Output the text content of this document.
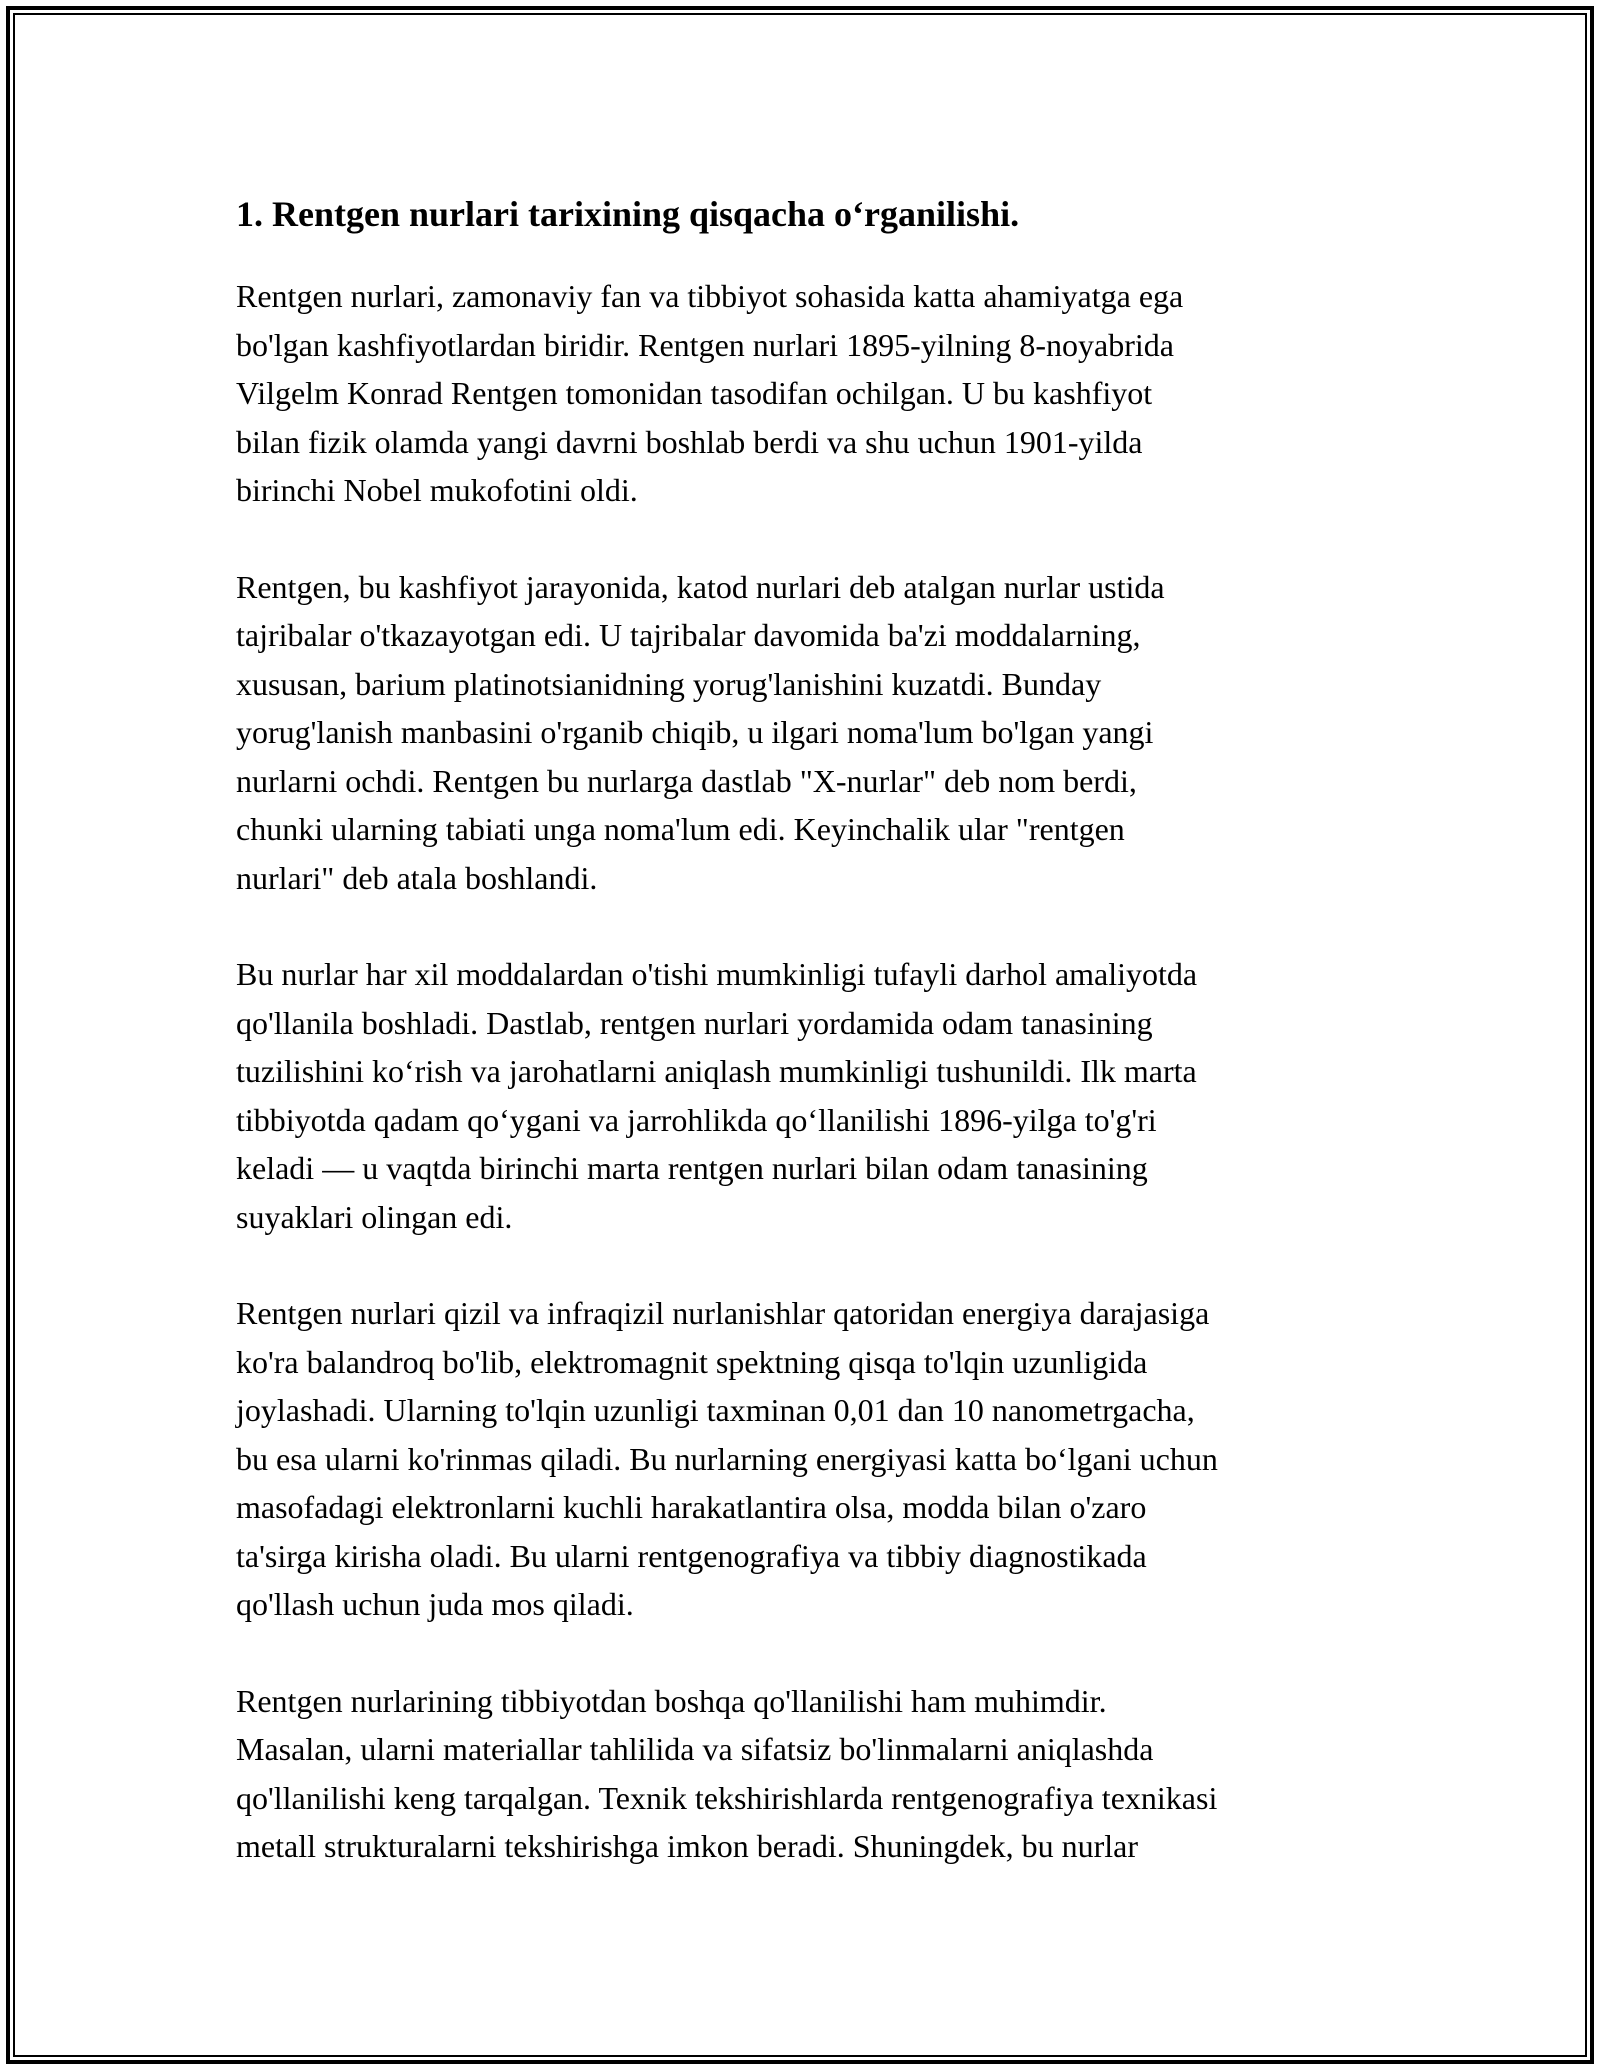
1. Rentgen nurlari tarixining qisqacha o‘rganilishi.

Rentgen nurlari, zamonaviy fan va tibbiyot sohasida katta ahamiyatga ega
bo'lgan kashfiyotlardan biridir. Rentgen nurlari 1895-yilning 8-noyabrida
Vilgelm Konrad Rentgen tomonidan tasodifan ochilgan. U bu kashfiyot
bilan fizik olamda yangi davrni boshlab berdi va shu uchun 1901-yilda
birinchi Nobel mukofotini oldi.

Rentgen, bu kashfiyot jarayonida, katod nurlari deb atalgan nurlar ustida
tajribalar o'tkazayotgan edi. U tajribalar davomida ba'zi moddalarning,
xususan, barium platinotsianidning yorug'lanishini kuzatdi. Bunday
yorug'lanish manbasini o'rganib chiqib, u ilgari noma'lum bo'lgan yangi
nurlarni ochdi. Rentgen bu nurlarga dastlab "X-nurlar" deb nom berdi,
chunki ularning tabiati unga noma'lum edi. Keyinchalik ular "rentgen
nurlari" deb atala boshlandi.

Bu nurlar har xil moddalardan o'tishi mumkinligi tufayli darhol amaliyotda
qo'llanila boshladi. Dastlab, rentgen nurlari yordamida odam tanasining
tuzilishini ko‘rish va jarohatlarni aniqlash mumkinligi tushunildi. Ilk marta
tibbiyotda qadam qo‘ygani va jarrohlikda qo‘llanilishi 1896-yilga to'g'ri
keladi — u vaqtda birinchi marta rentgen nurlari bilan odam tanasining
suyaklari olingan edi.

Rentgen nurlari qizil va infraqizil nurlanishlar qatoridan energiya darajasiga
ko'ra balandroq bo'lib, elektromagnit spektning qisqa to'lqin uzunligida
joylashadi. Ularning to'lqin uzunligi taxminan 0,01 dan 10 nanometrgacha,
bu esa ularni ko'rinmas qiladi. Bu nurlarning energiyasi katta bo‘lgani uchun
masofadagi elektronlarni kuchli harakatlantira olsa, modda bilan o'zaro
ta'sirga kirisha oladi. Bu ularni rentgenografiya va tibbiy diagnostikada
qo'llash uchun juda mos qiladi.

Rentgen nurlarining tibbiyotdan boshqa qo'llanilishi ham muhimdir.
Masalan, ularni materiallar tahlilida va sifatsiz bo'linmalarni aniqlashda
qo'llanilishi keng tarqalgan. Texnik tekshirishlarda rentgenografiya texnikasi
metall strukturalarni tekshirishga imkon beradi. Shuningdek, bu nurlar
